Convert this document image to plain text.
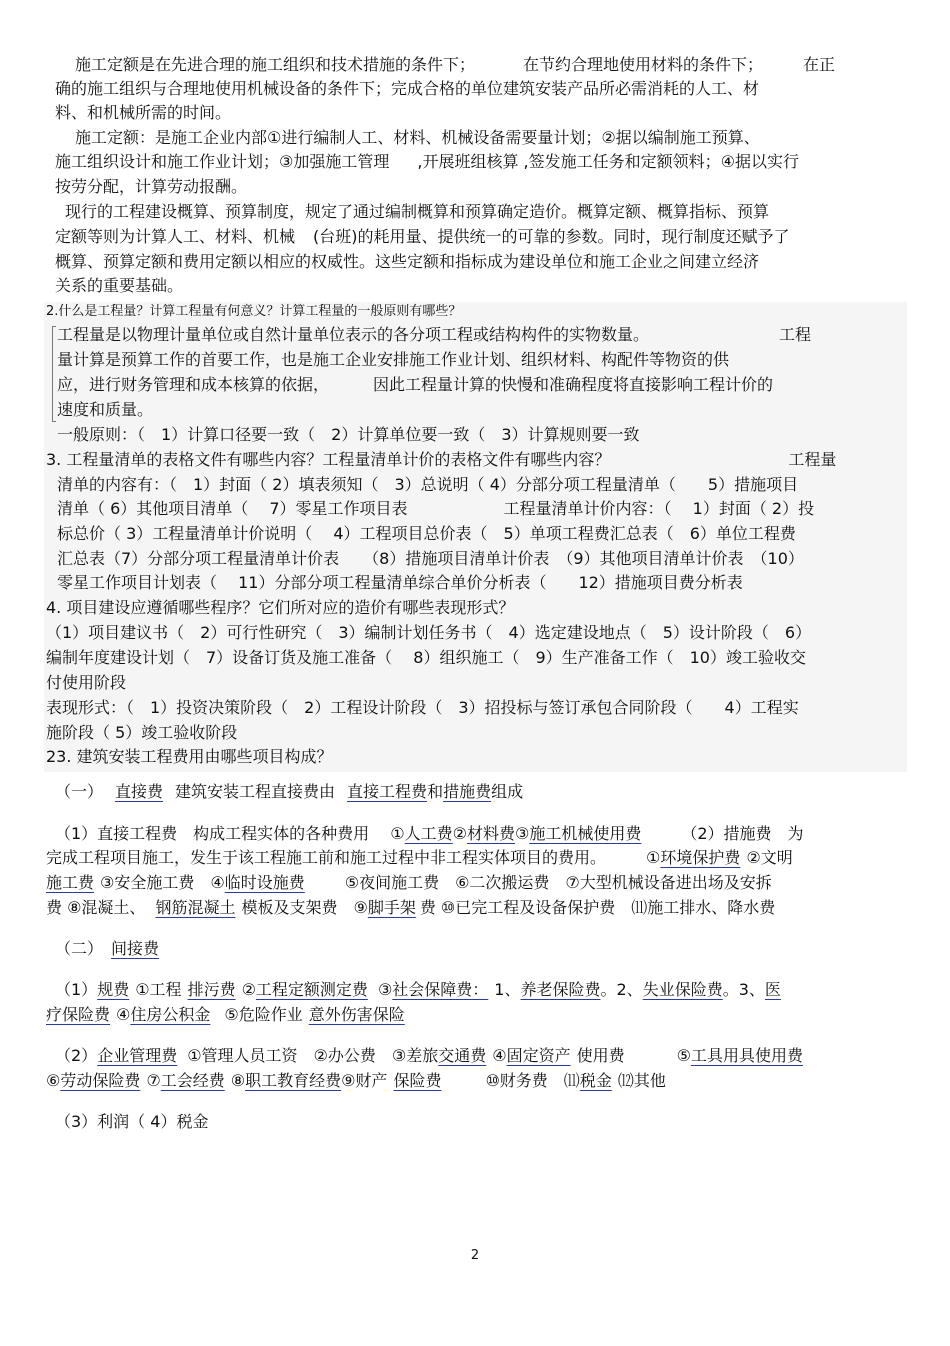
施工定额是在先进合理的施工组织和技术措施的条件下；	在节约合理地使用材料的条件下；	在正
确的施工组织与合理地使用机械设备的条件下；完成合格的单位建筑安装产品所必需消耗的人工、材
料、和机械所需的时间。
施工定额：是施工企业内部①进行编制人工、材料、机械设备需要量计划；②据以编制施工预算、
施工组织设计和施工作业计划；③加强施工管理 ,开展班组核算 ,签发施工任务和定额领料；④据以实行
按劳分配，计算劳动报酬。
现行的工程建设概算、预算制度，规定了通过编制概算和预算确定造价。概算定额、概算指标、预算
定额等则为计算人工、材料、机械 (台班)的耗用量、提供统一的可靠的参数。同时，现行制度还赋予了
概算、预算定额和费用定额以相应的权威性。这些定额和指标成为建设单位和施工企业之间建立经济
关系的重要基础。
2.什么是工程量？计算工程量有何意义？计算工程量的一般原则有哪些？
工程量是以物理计量单位或自然计量单位表示的各分项工程或结构构件的实物数量。	工程
量计算是预算工作的首要工作，也是施工企业安排施工作业计划、组织材料、构配件等物资的供
应，进行财务管理和成本核算的依据，	因此工程量计算的快慢和准确程度将直接影响工程计价的
速度和质量。
一般原则：（　1）计算口径要一致（　2）计算单位要一致（　3）计算规则要一致
3. 工程量清单的表格文件有哪些内容？工程量清单计价的表格文件有哪些内容？	工程量
清单的内容有：（　1）封面（ 2）填表须知（　3）总说明（ 4）分部分项工程量清单（　　5）措施项目
清单（ 6）其他项目清单（　 7）零星工作项目表	工程量清单计价内容：（　 1）封面（ 2）投
标总价（ 3）工程量清单计价说明（　 4）工程项目总价表（　5）单项工程费汇总表（　6）单位工程费
汇总表（7）分部分项工程量清单计价表　　（8）措施项目清单计价表　（9）其他项目清单计价表　（10）
零星工作项目计划表（　 11）分部分项工程量清单综合单价分析表（　　12）措施项目费分析表
4. 项目建设应遵循哪些程序？它们所对应的造价有哪些表现形式？
（1）项目建议书（　2）可行性研究（　3）编制计划任务书（　4）选定建设地点（　5）设计阶段（　6）
编制年度建设计划（　7）设备订货及施工准备（　 8）组织施工（　9）生产准备工作（　10）竣工验收交
付使用阶段
表现形式：（　1）投资决策阶段（　2）工程设计阶段（　3）招投标与签订承包合同阶段（　　4）工程实
施阶段（ 5）竣工验收阶段
23. 建筑安装工程费用由哪些项目构成？
（一） 直接费 建筑安装工程直接费由 直接工程费和措施费组成
（1）直接工程费　构成工程实体的各种费用　 ①人工费②材料费③施工机械使用费	（2）措施费　为
完成工程项目施工，发生于该工程施工前和施工过程中非工程实体项目的费用。	①环境保护费 ②文明
施工费 ③安全施工费　④临时设施费	⑤夜间施工费　⑥二次搬运费　⑦大型机械设备进出场及安拆
费 ⑧混凝土、 钢筋混凝土 模板及支架费　⑨脚手架 费 ⑩已完工程及设备保护费　⑾施工排水、降水费
（二） 间接费
（1）规费 ①工程 排污费 ②工程定额测定费 ③社会保障费： 1、养老保险费。2、失业保险费。3、医
疗保险费 ④住房公积金 ⑤危险作业 意外伤害保险
（2）企业管理费 ①管理人员工资　②办公费　③差旅交通费 ④固定资产 使用费	⑤工具用具使用费
⑥劳动保险费 ⑦工会经费 ⑧职工教育经费⑨财产 保险费	⑩财务费　⑾税金 ⑿其他
（3）利润（ 4）税金
2
